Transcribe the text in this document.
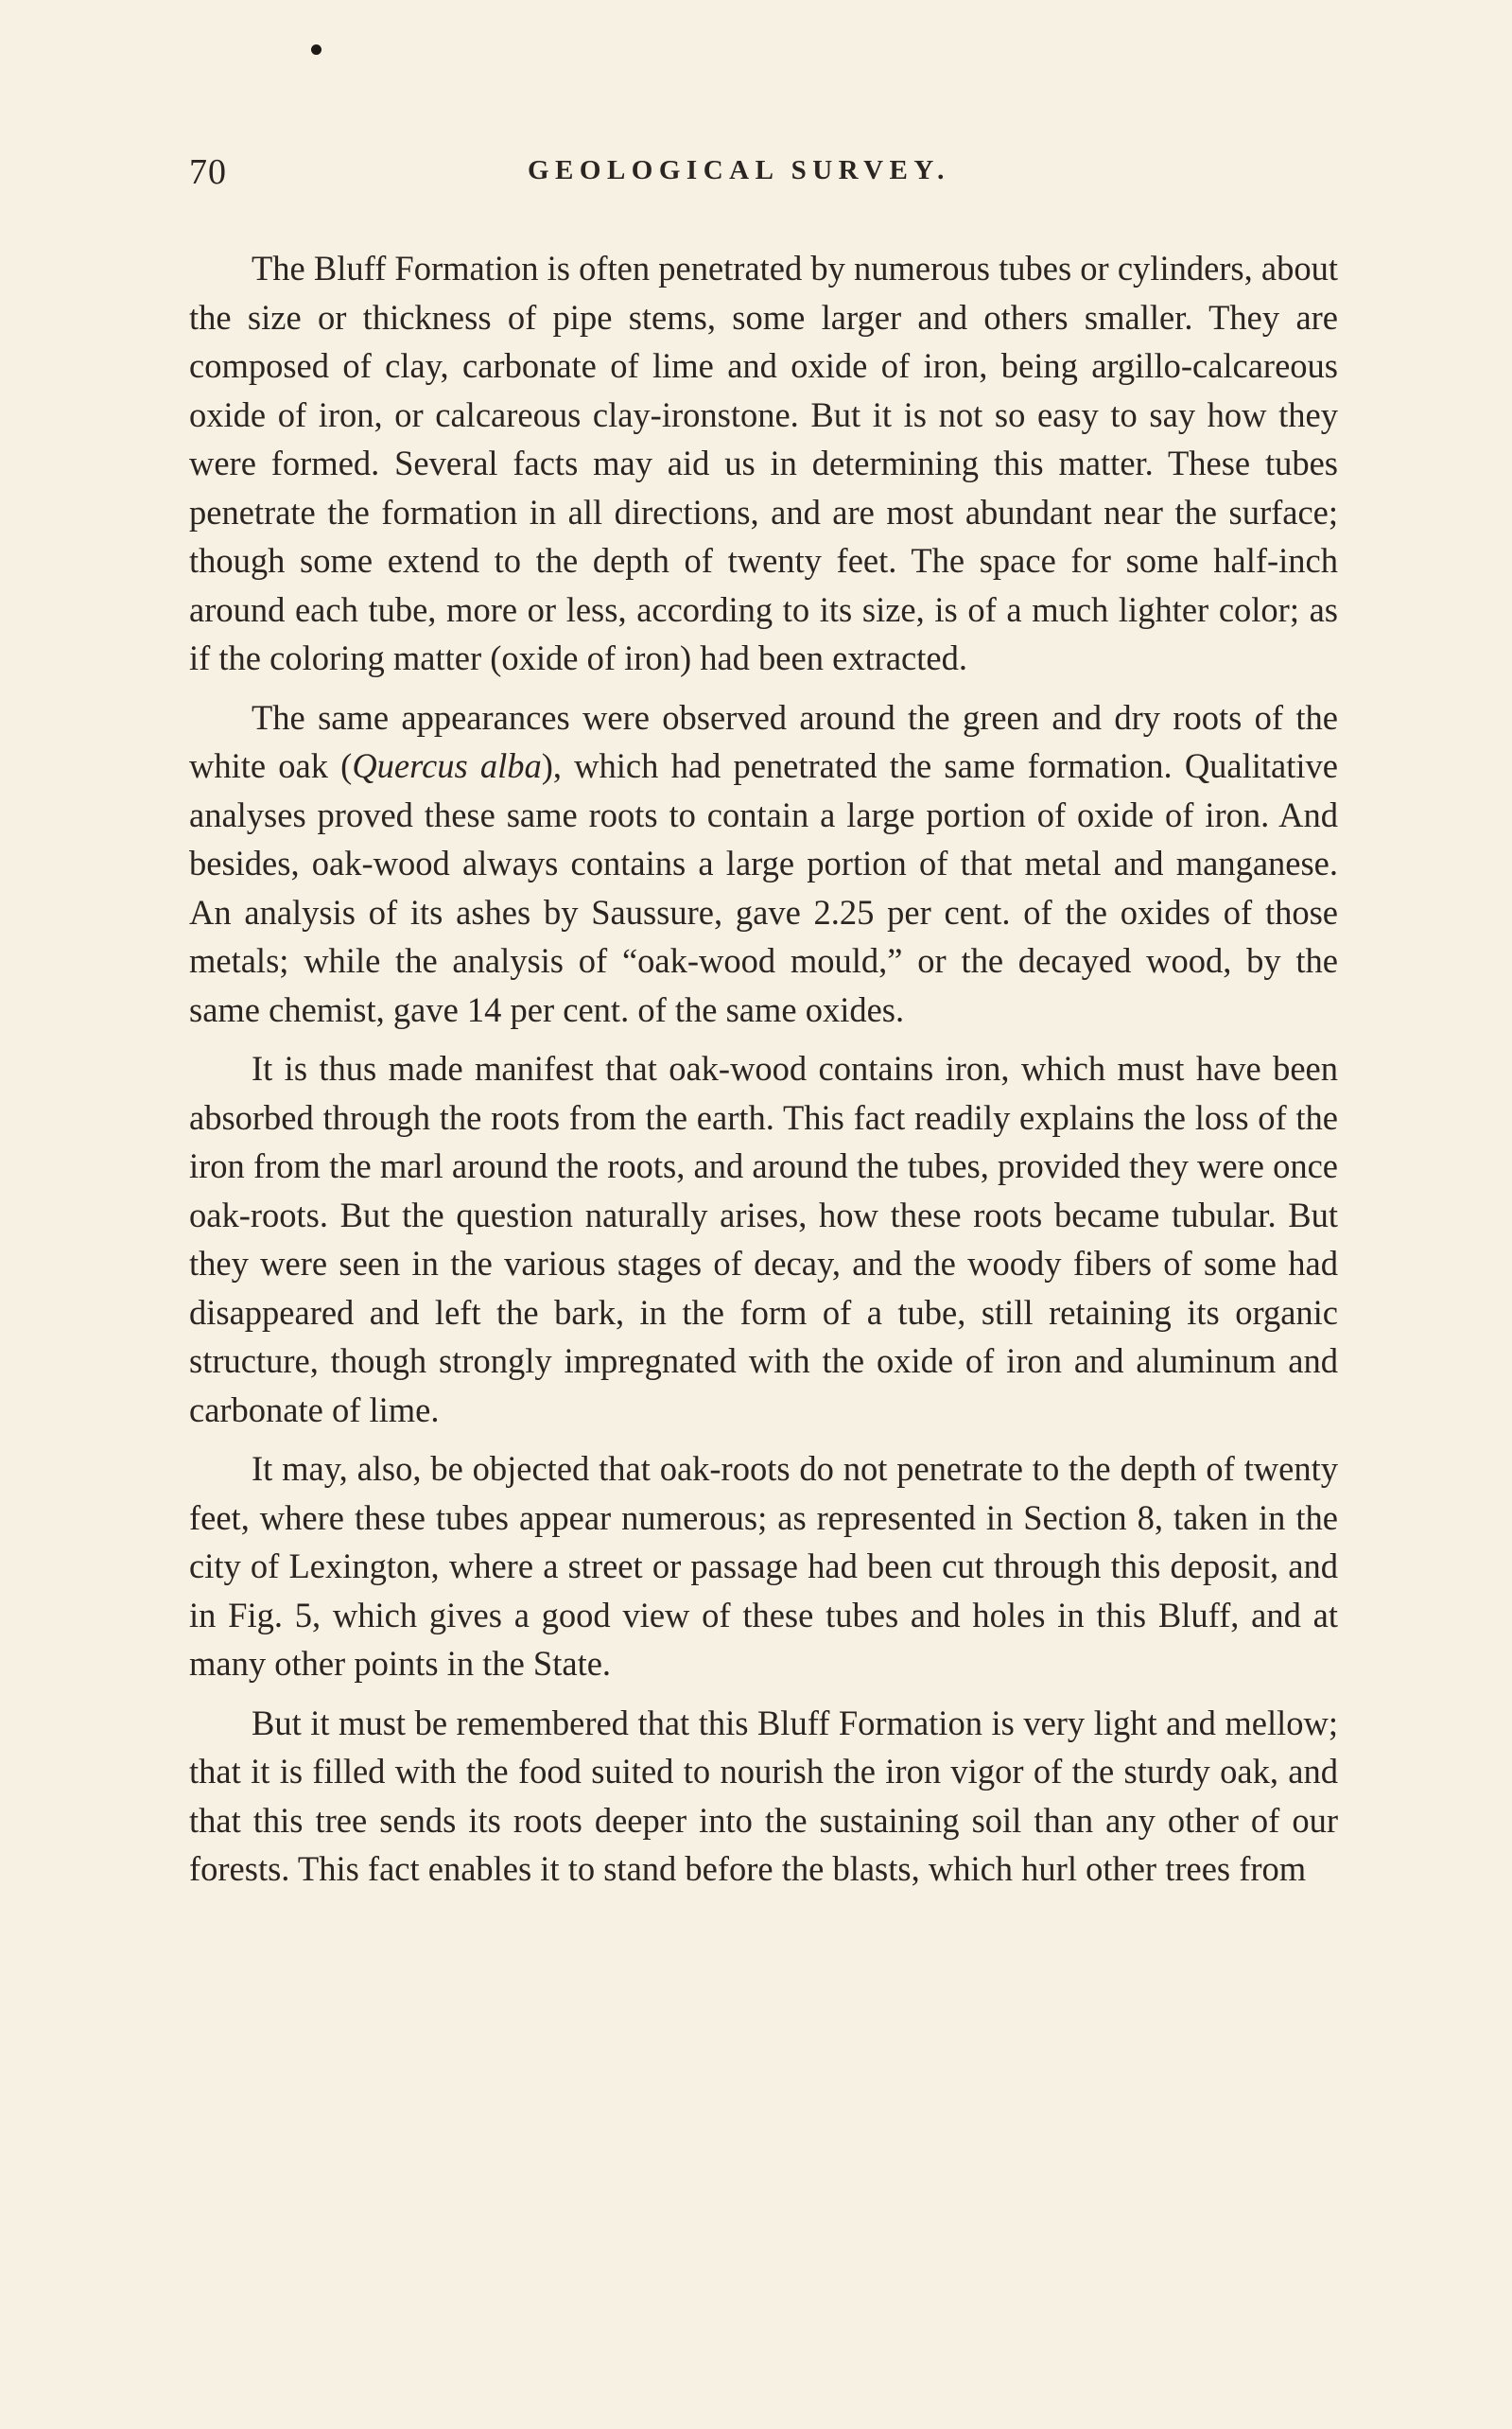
70	GEOLOGICAL SURVEY.

The Bluff Formation is often penetrated by numerous tubes or cylinders, about the size or thickness of pipe stems, some larger and others smaller. They are composed of clay, carbonate of lime and oxide of iron, being argillo-calcareous oxide of iron, or calcareous clay-ironstone. But it is not so easy to say how they were formed. Several facts may aid us in determining this matter. These tubes penetrate the formation in all directions, and are most abundant near the surface; though some extend to the depth of twenty feet. The space for some half-inch around each tube, more or less, according to its size, is of a much lighter color; as if the coloring matter (oxide of iron) had been extracted.

The same appearances were observed around the green and dry roots of the white oak (Quercus alba), which had penetrated the same formation. Qualitative analyses proved these same roots to contain a large portion of oxide of iron. And besides, oak-wood always contains a large portion of that metal and manganese. An analysis of its ashes by Saussure, gave 2.25 per cent. of the oxides of those metals; while the analysis of “oak-wood mould,” or the decayed wood, by the same chemist, gave 14 per cent. of the same oxides.

It is thus made manifest that oak-wood contains iron, which must have been absorbed through the roots from the earth. This fact readily explains the loss of the iron from the marl around the roots, and around the tubes, provided they were once oak-roots. But the question naturally arises, how these roots became tubular. But they were seen in the various stages of decay, and the woody fibers of some had disappeared and left the bark, in the form of a tube, still retaining its organic structure, though strongly impregnated with the oxide of iron and aluminum and carbonate of lime.

It may, also, be objected that oak-roots do not penetrate to the depth of twenty feet, where these tubes appear numerous; as represented in Section 8, taken in the city of Lexington, where a street or passage had been cut through this deposit, and in Fig. 5, which gives a good view of these tubes and holes in this Bluff, and at many other points in the State.

But it must be remembered that this Bluff Formation is very light and mellow; that it is filled with the food suited to nourish the iron vigor of the sturdy oak, and that this tree sends its roots deeper into the sustaining soil than any other of our forests. This fact enables it to stand before the blasts, which hurl other trees from
